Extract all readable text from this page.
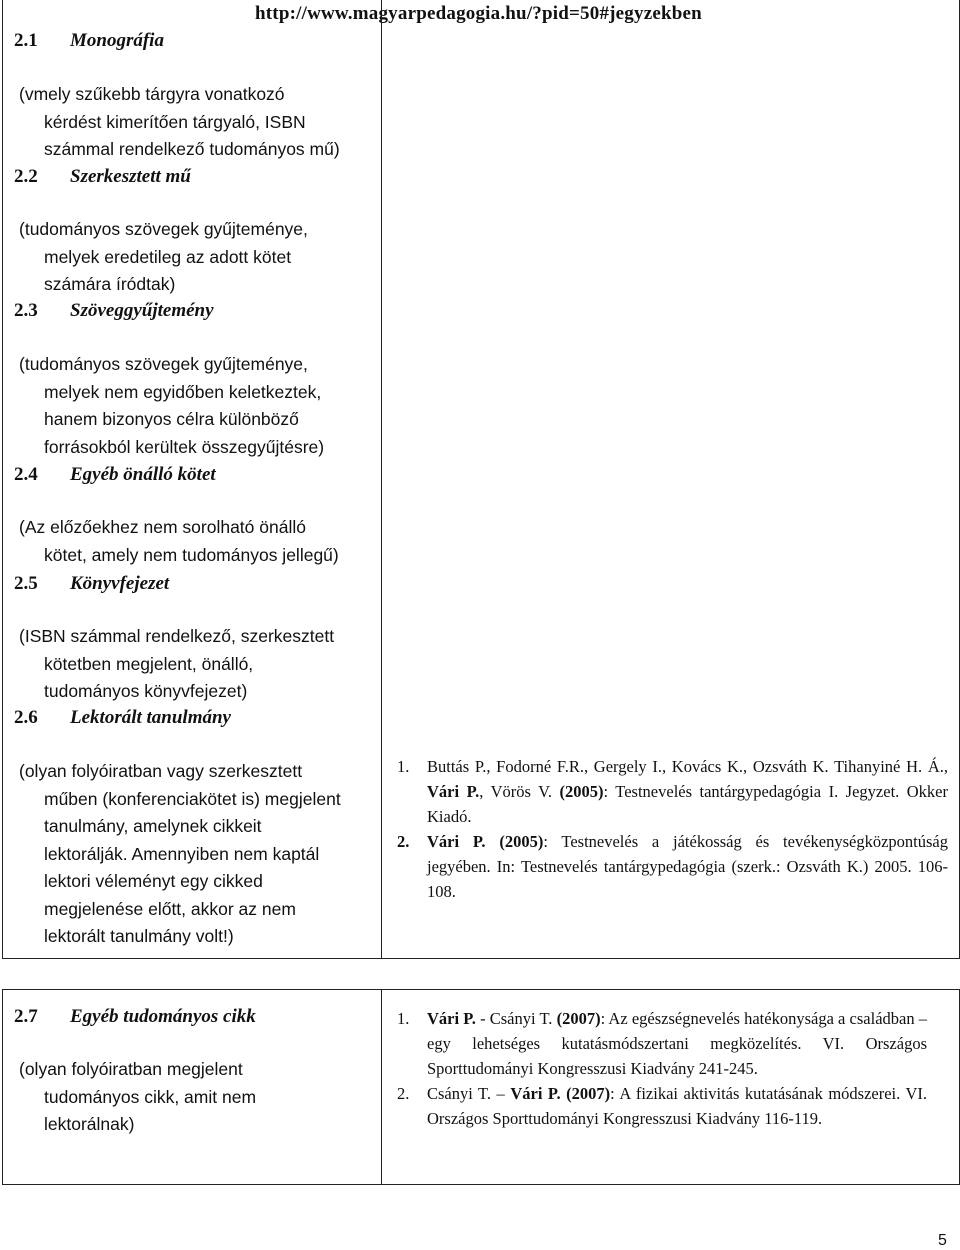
http://www.magyarpedagogia.hu/?pid=50#jegyzekben
2.1 Monográfia
(vmely szűkebb tárgyra vonatkozó
kérdést kimerítően tárgyaló, ISBN
számmal rendelkező tudományos mű)
2.2 Szerkesztett mű
(tudományos szövegek gyűjteménye,
melyek eredetileg az adott kötet
számára íródtak)
2.3 Szöveggyűjtemény
(tudományos szövegek gyűjteménye,
melyek nem egyidőben keletkeztek,
hanem bizonyos célra különböző
forrásokból kerültek összegyűjtésre)
2.4 Egyéb önálló kötet
(Az előzőekhez nem sorolható önálló
kötet, amely nem tudományos jellegű)
2.5 Könyvfejezet
(ISBN számmal rendelkező, szerkesztett
kötetben megjelent, önálló,
tudományos könyvfejezet)
2.6 Lektorált tanulmány
(olyan folyóiratban vagy szerkesztett
műben (konferenciakötet is) megjelent
tanulmány, amelynek cikkeit
lektorálják. Amennyiben nem kaptál
lektori véleményt egy cikked
megjelenése előtt, akkor az nem
lektorált tanulmány volt!)
1. Buttás P., Fodorné F.R., Gergely I., Kovács K., Ozsváth K. Tihanyiné H. Á., Vári P., Vörös V. (2005): Testnevelés tantárgypedagógia I. Jegyzet. Okker Kiadó.
2. Vári P. (2005): Testnevelés a játékosság és tevékenységközpontúság jegyében. In: Testnevelés tantárgypedagógia (szerk.: Ozsváth K.) 2005. 106-108.
2.7 Egyéb tudományos cikk
(olyan folyóiratban megjelent
tudományos cikk, amit nem
lektorálnak)
1. Vári P. - Csányi T. (2007): Az egészségnevelés hatékonysága a családban – egy lehetséges kutatásmódszertani megközelítés. VI. Országos Sporttudományi Kongresszusi Kiadvány 241-245.
2. Csányi T. – Vári P. (2007): A fizikai aktivitás kutatásának módszerei. VI. Országos Sporttudományi Kongresszusi Kiadvány 116-119.
5
